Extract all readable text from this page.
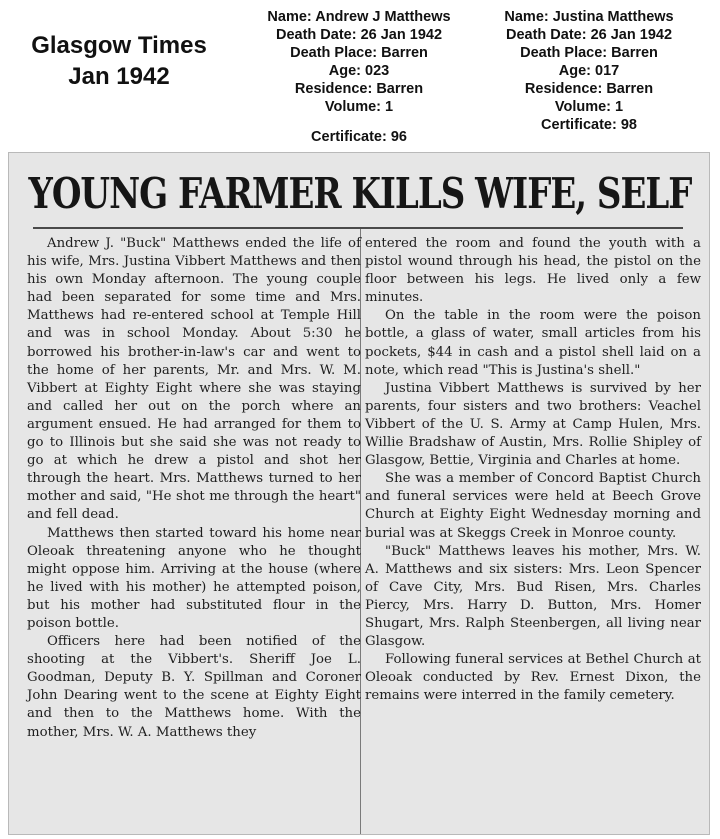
Glasgow Times
Jan 1942
Name: Andrew J Matthews
Death Date: 26 Jan 1942
Death Place: Barren
Age: 023
Residence: Barren
Volume: 1
Certificate: 96
Name: Justina Matthews
Death Date: 26 Jan 1942
Death Place: Barren
Age: 017
Residence: Barren
Volume: 1
Certificate: 98
YOUNG FARMER KILLS WIFE, SELF

Andrew J. "Buck" Matthews ended the life of his wife, Mrs. Justina Vibbert Matthews and then his own Monday afternoon. The young couple had been separated for some time and Mrs. Matthews had re-entered school at Temple Hill and was in school Monday. About 5:30 he borrowed his brother-in-law's car and went to the home of her parents, Mr. and Mrs. W. M. Vibbert at Eighty Eight where she was staying and called her out on the porch where an argument ensued. He had arranged for them to go to Illinois but she said she was not ready to go at which he drew a pistol and shot her through the heart. Mrs. Matthews turned to her mother and said, "He shot me through the heart" and fell dead.

Matthews then started toward his home near Oleoak threatening anyone who he thought might oppose him. Arriving at the house (where he lived with his mother) he attempted poison, but his mother had substituted flour in the poison bottle.

Officers here had been notified of the shooting at the Vibbert's. Sheriff Joe L. Goodman, Deputy B. Y. Spillman and Coroner John Dearing went to the scene at Eighty Eight and then to the Matthews home. With the mother, Mrs. W. A. Matthews they

entered the room and found the youth with a pistol wound through his head, the pistol on the floor between his legs. He lived only a few minutes.

On the table in the room were the poison bottle, a glass of water, small articles from his pockets, $44 in cash and a pistol shell laid on a note, which read "This is Justina's shell."

Justina Vibbert Matthews is survived by her parents, four sisters and two brothers: Veachel Vibbert of the U. S. Army at Camp Hulen, Mrs. Willie Bradshaw of Austin, Mrs. Rollie Shipley of Glasgow, Bettie, Virginia and Charles at home.

She was a member of Concord Baptist Church and funeral services were held at Beech Grove Church at Eighty Eight Wednesday morning and burial was at Skeggs Creek in Monroe county.

"Buck" Matthews leaves his mother, Mrs. W. A. Matthews and six sisters: Mrs. Leon Spencer of Cave City, Mrs. Bud Risen, Mrs. Charles Piercy, Mrs. Harry D. Button, Mrs. Homer Shugart, Mrs. Ralph Steenbergen, all living near Glasgow.

Following funeral services at Bethel Church at Oleoak conducted by Rev. Ernest Dixon, the remains were interred in the family cemetery.
